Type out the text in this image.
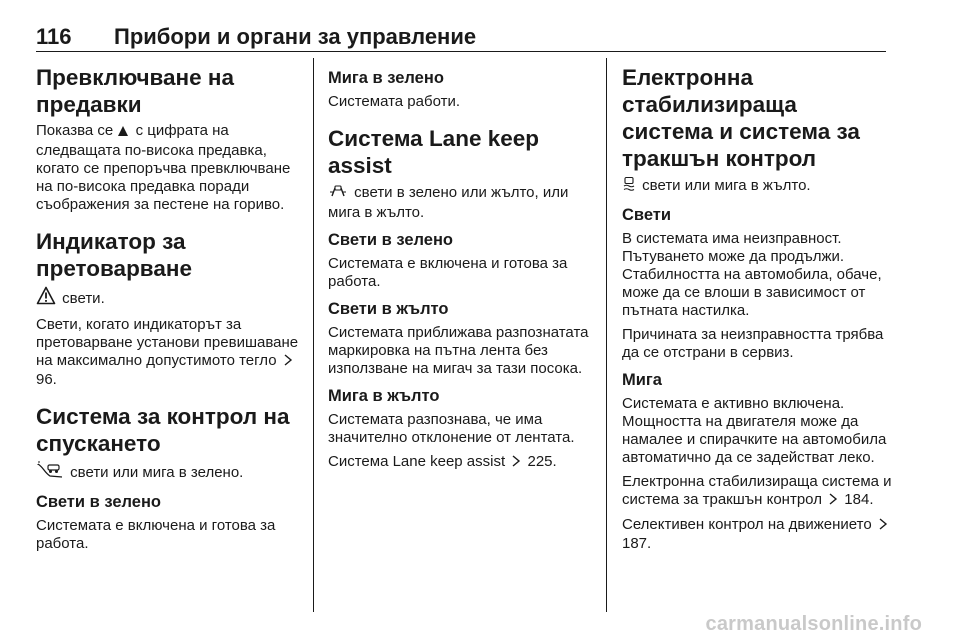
116 Прибори и органи за управление
Превключване на предавки

Показва се с цифрата на следващата по-висока предавка, когато се препоръчва превключване на по-висока предавка поради съображения за пестене на гориво.

Индикатор за претоварване

свети.

Свети, когато индикаторът за претоварване установи превишаване на максимално допустимото тегло  96.

Система за контрол на спускането

свети или мига в зелено.

Свети в зелено

Системата е включена и готова за работа.

Мига в зелено

Системата работи.

Система Lane keep assist

свети в зелено или жълто, или мига в жълто.

Свети в зелено

Системата е включена и готова за работа.

Свети в жълто

Системата приближава разпознатата маркировка на пътна лента без използване на мигач за тази посока.

Мига в жълто

Системата разпознава, че има значително отклонение от лентата.

Система Lane keep assist 225.

Електронна стабилизираща система и система за тракшън контрол

свети или мига в жълто.

Свети

В системата има неизправност. Пътуването може да продължи. Стабилността на автомобила, обаче, може да се влоши в зависимост от пътната настилка.

Причината за неизправността трябва да се отстрани в сервиз.

Мига

Системата е активно включена. Мощността на двигателя може да намалее и спирачките на автомобила автоматично да се задействат леко.

Електронна стабилизираща система и система за тракшън контрол 184.

Селективен контрол на движението  187.

carmanualsonline.info
